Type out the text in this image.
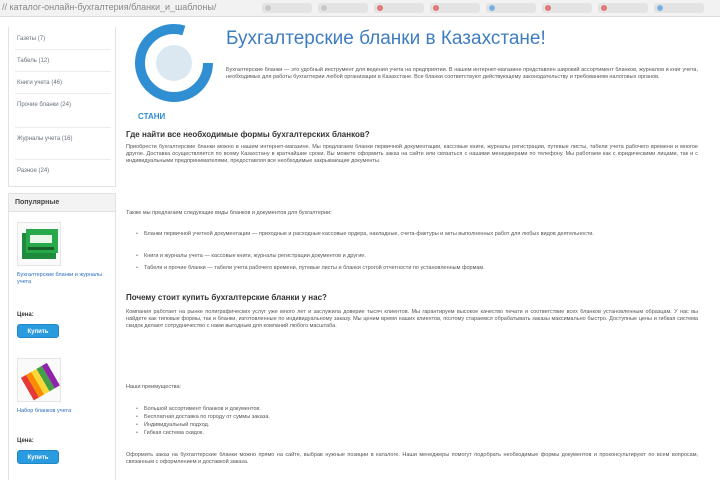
// каталог-онлайн-бухгалтерия/бланки_и_шаблоны/
Газеты (7)
Табель (12)
Книги учета (46)
Прочие бланки (24)
Журналы учета (16)
Разное (24)
Популярные
Бухгалтерские бланки и журналы учета
Цена:
Купить
Набор бланков учета
Цена:
Купить
СТАНИ
Бухгалтерские бланки в Казахстане!
Бухгалтерские бланки — это удобный инструмент для ведения учета на предприятии. В нашем интернет-магазине представлен широкий ассортимент бланков, журналов и книг учета, необходимых для работы бухгалтерии любой организации в Казахстане. Все бланки соответствуют действующему законодательству и требованиям налоговых органов.
Где найти все необходимые формы бухгалтерских бланков?
Приобрести бухгалтерские бланки можно в нашем интернет-магазине. Мы предлагаем бланки первичной документации, кассовые книги, журналы регистрации, путевые листы, табели учета рабочего времени и многое другое. Доставка осуществляется по всему Казахстану в кратчайшие сроки. Вы можете оформить заказ на сайте или связаться с нашими менеджерами по телефону. Мы работаем как с юридическими лицами, так и с индивидуальными предпринимателями, предоставляя все необходимые закрывающие документы.
Также мы предлагаем следующие виды бланков и документов для бухгалтерии:
• Бланки первичной учетной документации — приходные и расходные кассовые ордера, накладные, счета-фактуры и акты выполненных работ для любых видов деятельности.
• Книги и журналы учета — кассовые книги, журналы регистрации документов и другие.
• Табели и прочие бланки — табели учета рабочего времени, путевые листы и бланки строгой отчетности по установленным формам.
Почему стоит купить бухгалтерские бланки у нас?
Компания работает на рынке полиграфических услуг уже много лет и заслужила доверие тысяч клиентов. Мы гарантируем высокое качество печати и соответствие всех бланков установленным образцам. У нас вы найдете как типовые формы, так и бланки, изготовленные по индивидуальному заказу. Мы ценим время наших клиентов, поэтому стараемся обрабатывать заказы максимально быстро. Доступные цены и гибкая система скидок делают сотрудничество с нами выгодным для компаний любого масштаба.
Наши преимущества:
• Большой ассортимент бланков и документов.
• Бесплатная доставка по городу от суммы заказа.
• Индивидуальный подход.
• Гибкая система скидок.
Оформить заказ на бухгалтерские бланки можно прямо на сайте, выбрав нужные позиции в каталоге. Наши менеджеры помогут подобрать необходимые формы документов и проконсультируют по всем вопросам, связанным с оформлением и доставкой заказа.
